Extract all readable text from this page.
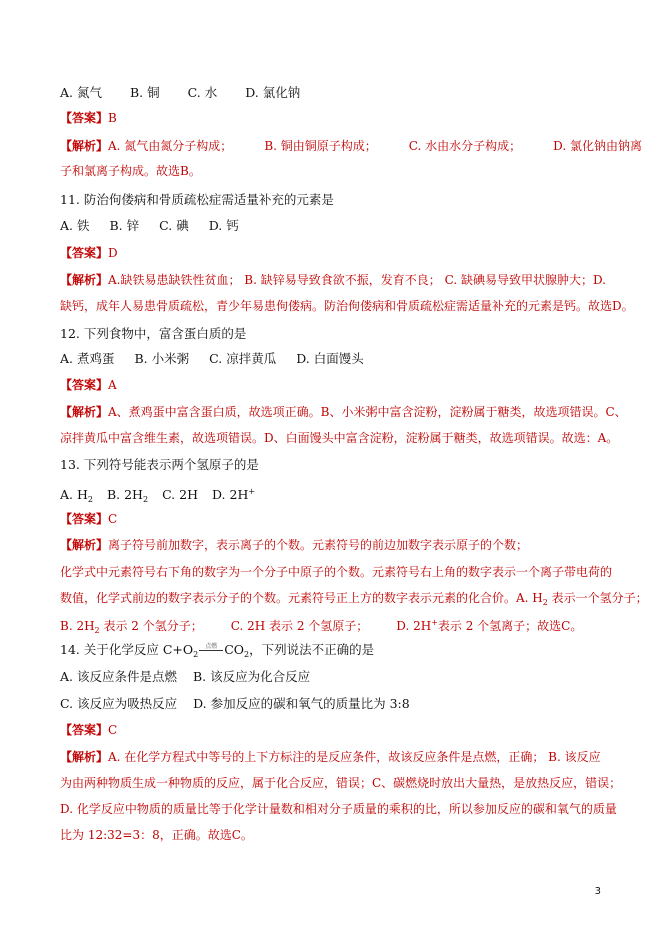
A. 氮气 B. 铜 C. 水 D. 氯化钠
【答案】B
【解析】A. 氮气由氮分子构成；	B. 铜由铜原子构成；	C. 水由水分子构成；	D. 氯化钠由钠离
子和氯离子构成。故选B。
11. 防治佝偻病和骨质疏松症需适量补充的元素是
A. 铁 B. 锌 C. 碘 D. 钙
【答案】D
【解析】A.缺铁易患缺铁性贫血； B. 缺锌易导致食欲不振，发育不良； C. 缺碘易导致甲状腺肿大；D.
缺钙，成年人易患骨质疏松，青少年易患佝偻病。防治佝偻病和骨质疏松症需适量补充的元素是钙。故选D。
12. 下列食物中，富含蛋白质的是
A. 煮鸡蛋 B. 小米粥 C. 凉拌黄瓜 D. 白面馒头
【答案】A
【解析】A、煮鸡蛋中富含蛋白质，故选项正确。B、小米粥中富含淀粉，淀粉属于糖类，故选项错误。C、
凉拌黄瓜中富含维生素，故选项错误。D、白面馒头中富含淀粉，淀粉属于糖类，故选项错误。故选：A。
13. 下列符号能表示两个氢原子的是
A. $H_2$ B. $2H_2$ C. 2H D. 2H+
【答案】C
【解析】离子符号前加数字，表示离子的个数。元素符号的前边加数字表示原子的个数；
化学式中元素符号右下角的数字为一个分子中原子的个数。元素符号右上角的数字表示一个离子带电荷的
数值，化学式前边的数字表示分子的个数。元素符号正上方的数字表示元素的化合价。A. $H_2$ 表示一个氢分子；
B. $2H_2$ 表示 2 个氢分子； C. 2H 表示 2 个氢原子； D. 2H+表示 2 个氢离子；故选C。
14. 关于化学反应 $C+O_2$
点燃 $CO_2$，下列说法不正确的是
A. 该反应条件是点燃 B. 该反应为化合反应
C. 该反应为吸热反应 D. 参加反应的碳和氧气的质量比为 3:8
【答案】C
【解析】A. 在化学方程式中等号的上下方标注的是反应条件，故该反应条件是点燃，正确； B. 该反应
为由两种物质生成一种物质的反应，属于化合反应，错误；C、碳燃烧时放出大量热，是放热反应，错误；
D. 化学反应中物质的质量比等于化学计量数和相对分子质量的乘积的比，所以参加反应的碳和氧气的质量
比为 12:32=3：8，正确。故选C。
3
